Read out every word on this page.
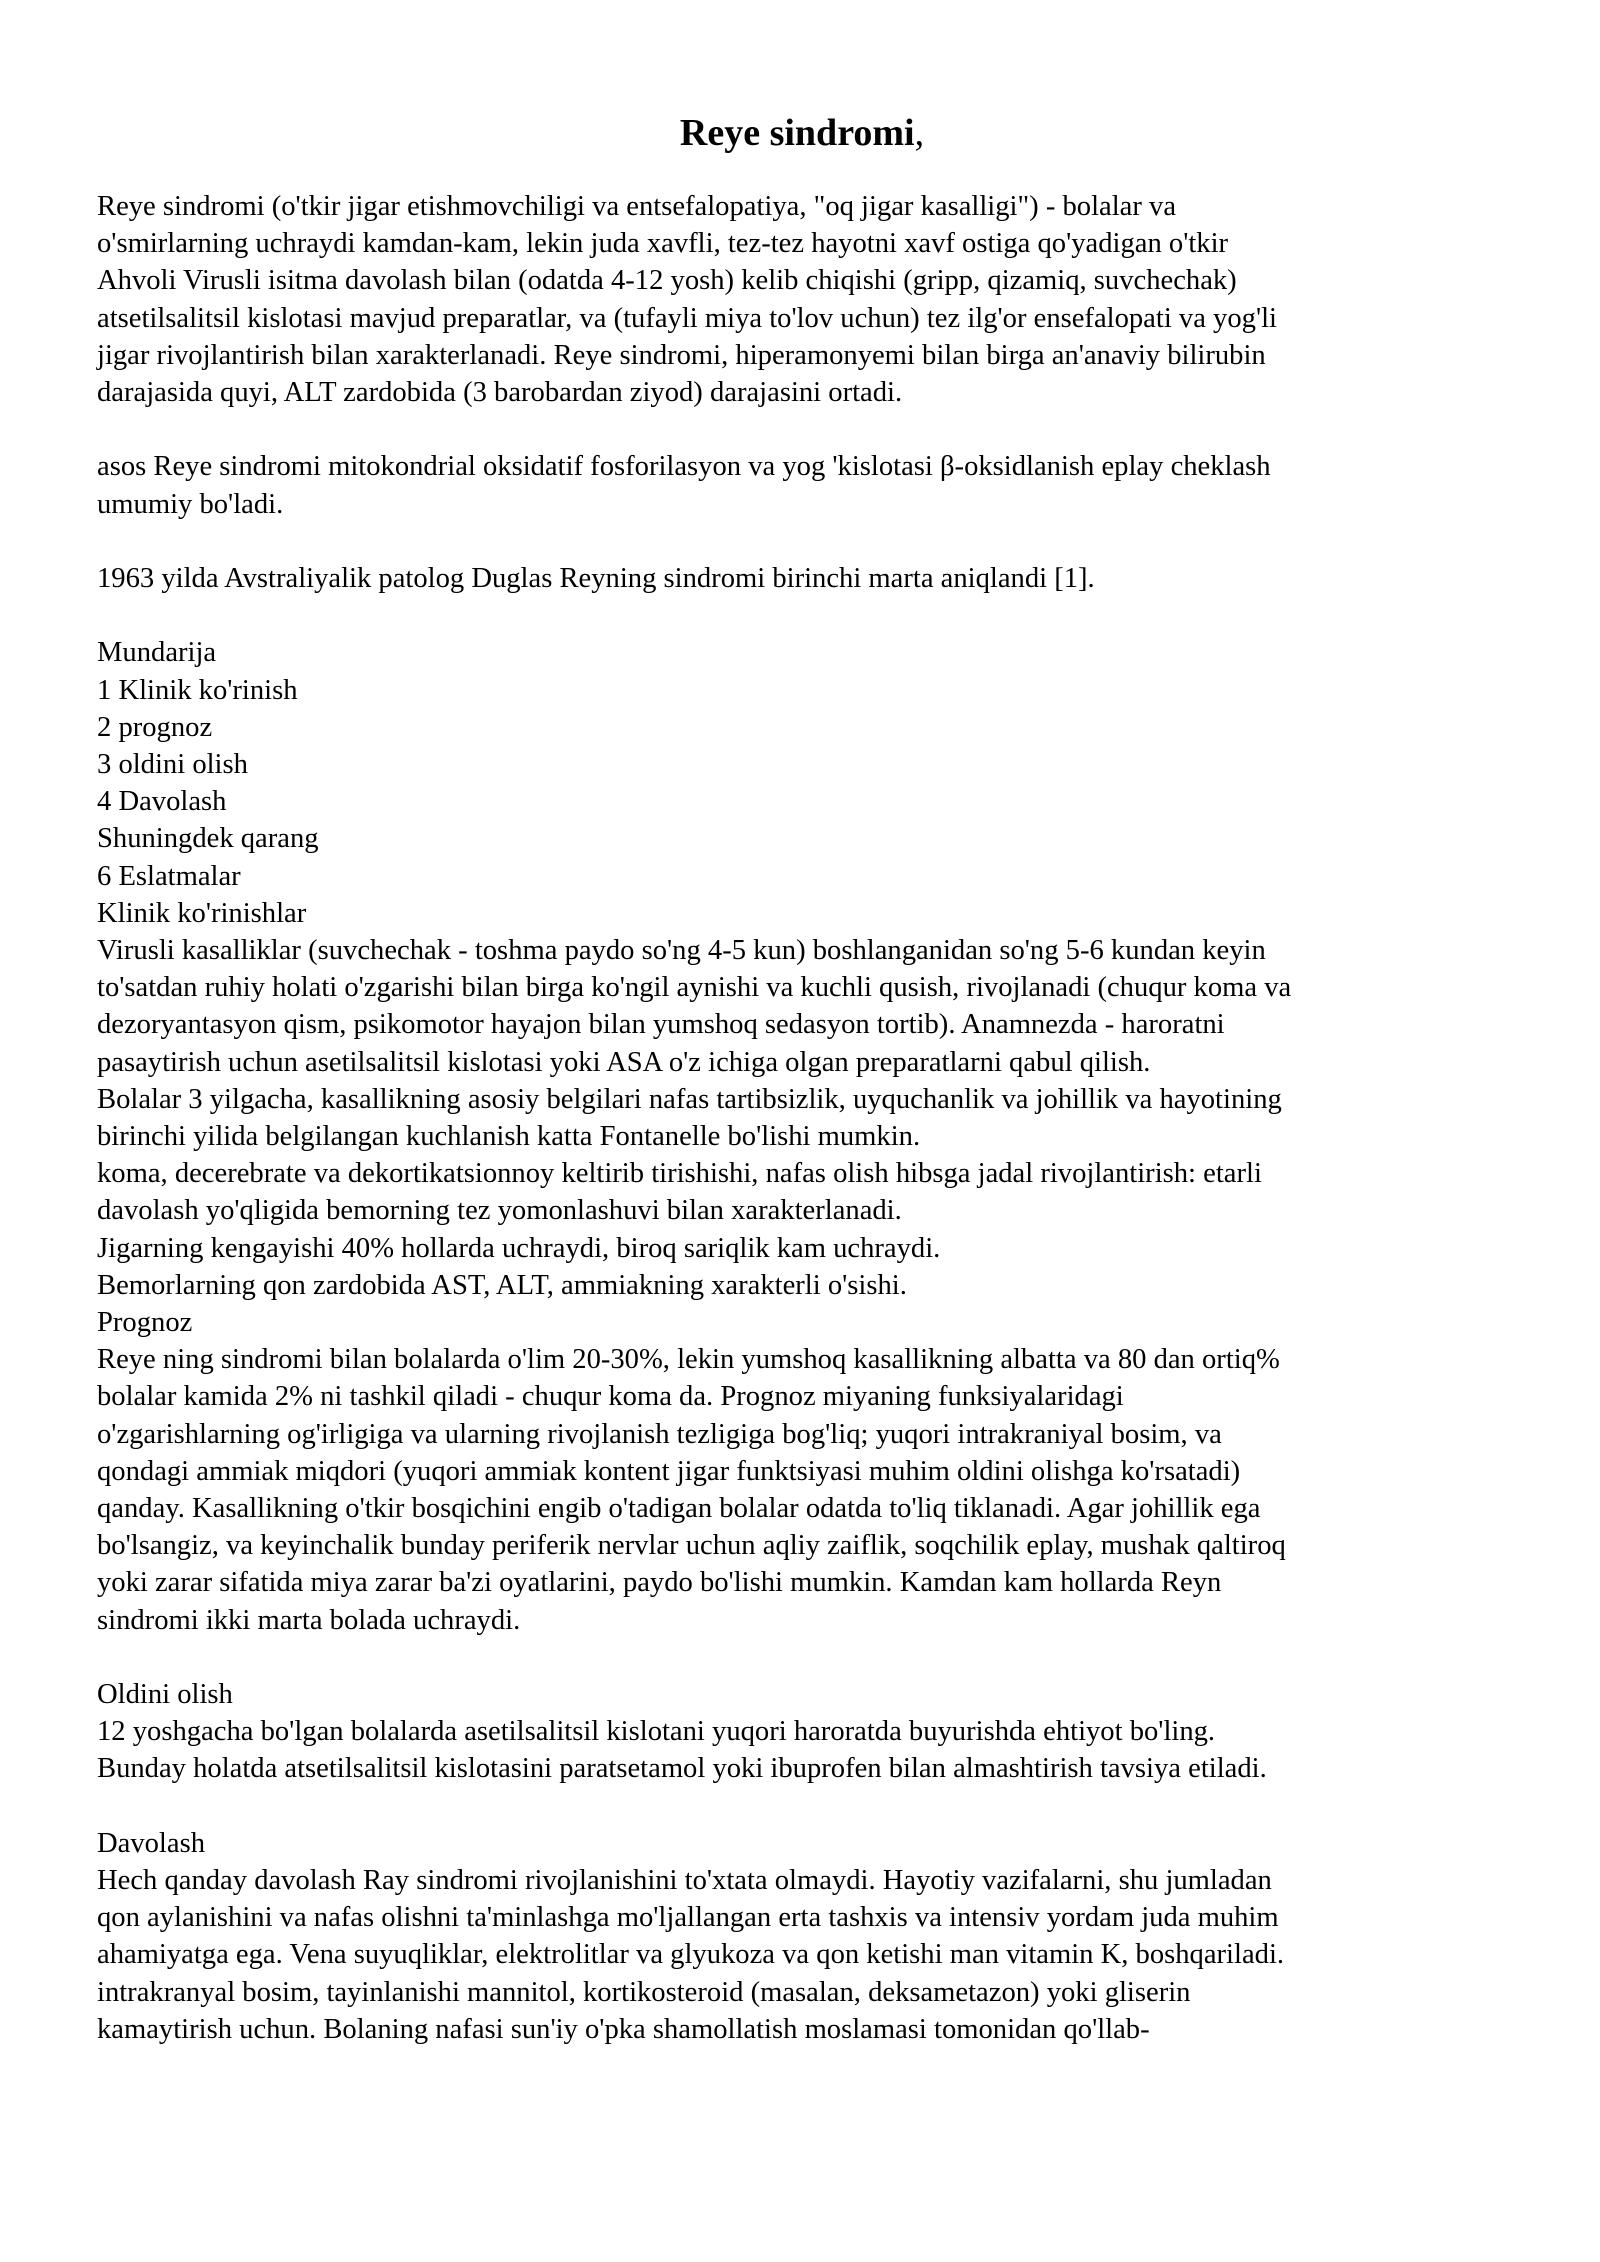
Reye sindromi,

Reye sindromi (o'tkir jigar etishmovchiligi va entsefalopatiya, "oq jigar kasalligi") - bolalar va
o'smirlarning uchraydi kamdan-kam, lekin juda xavfli, tez-tez hayotni xavf ostiga qo'yadigan o'tkir
Ahvoli Virusli isitma davolash bilan (odatda 4-12 yosh) kelib chiqishi (gripp, qizamiq, suvchechak)
atsetilsalitsil kislotasi mavjud preparatlar, va (tufayli miya to'lov uchun) tez ilg'or ensefalopati va yog'li
jigar rivojlantirish bilan xarakterlanadi. Reye sindromi, hiperamonyemi bilan birga an'anaviy bilirubin
darajasida quyi, ALT zardobida (3 barobardan ziyod) darajasini ortadi.

asos Reye sindromi mitokondrial oksidatif fosforilasyon va yog 'kislotasi β-oksidlanish eplay cheklash
umumiy bo'ladi.

1963 yilda Avstraliyalik patolog Duglas Reyning sindromi birinchi marta aniqlandi [1].

Mundarija
1 Klinik ko'rinish
2 prognoz
3 oldini olish
4 Davolash
Shuningdek qarang
6 Eslatmalar
Klinik ko'rinishlar
Virusli kasalliklar (suvchechak - toshma paydo so'ng 4-5 kun) boshlanganidan so'ng 5-6 kundan keyin
to'satdan ruhiy holati o'zgarishi bilan birga ko'ngil aynishi va kuchli qusish, rivojlanadi (chuqur koma va
dezoryantasyon qism, psikomotor hayajon bilan yumshoq sedasyon tortib). Anamnezda - haroratni
pasaytirish uchun asetilsalitsil kislotasi yoki ASA o'z ichiga olgan preparatlarni qabul qilish.
Bolalar 3 yilgacha, kasallikning asosiy belgilari nafas tartibsizlik, uyquchanlik va johillik va hayotining
birinchi yilida belgilangan kuchlanish katta Fontanelle bo'lishi mumkin.
koma, decerebrate va dekortikatsionnoy keltirib tirishishi, nafas olish hibsga jadal rivojlantirish: etarli
davolash yo'qligida bemorning tez yomonlashuvi bilan xarakterlanadi.
Jigarning kengayishi 40% hollarda uchraydi, biroq sariqlik kam uchraydi.
Bemorlarning qon zardobida AST, ALT, ammiakning xarakterli o'sishi.
Prognoz
Reye ning sindromi bilan bolalarda o'lim 20-30%, lekin yumshoq kasallikning albatta va 80 dan ortiq%
bolalar kamida 2% ni tashkil qiladi - chuqur koma da. Prognoz miyaning funksiyalaridagi
o'zgarishlarning og'irligiga va ularning rivojlanish tezligiga bog'liq; yuqori intrakraniyal bosim, va
qondagi ammiak miqdori (yuqori ammiak kontent jigar funktsiyasi muhim oldini olishga ko'rsatadi)
qanday. Kasallikning o'tkir bosqichini engib o'tadigan bolalar odatda to'liq tiklanadi. Agar johillik ega
bo'lsangiz, va keyinchalik bunday periferik nervlar uchun aqliy zaiflik, soqchilik eplay, mushak qaltiroq
yoki zarar sifatida miya zarar ba'zi oyatlarini, paydo bo'lishi mumkin. Kamdan kam hollarda Reyn
sindromi ikki marta bolada uchraydi.
Oldini olish
12 yoshgacha bo'lgan bolalarda asetilsalitsil kislotani yuqori haroratda buyurishda ehtiyot bo'ling.
Bunday holatda atsetilsalitsil kislotasini paratsetamol yoki ibuprofen bilan almashtirish tavsiya etiladi.
Davolash
Hech qanday davolash Ray sindromi rivojlanishini to'xtata olmaydi. Hayotiy vazifalarni, shu jumladan
qon aylanishini va nafas olishni ta'minlashga mo'ljallangan erta tashxis va intensiv yordam juda muhim
ahamiyatga ega. Vena suyuqliklar, elektrolitlar va glyukoza va qon ketishi man vitamin K, boshqariladi.
intrakranyal bosim, tayinlanishi mannitol, kortikosteroid (masalan, deksametazon) yoki gliserin
kamaytirish uchun. Bolaning nafasi sun'iy o'pka shamollatish moslamasi tomonidan qo'llab-
